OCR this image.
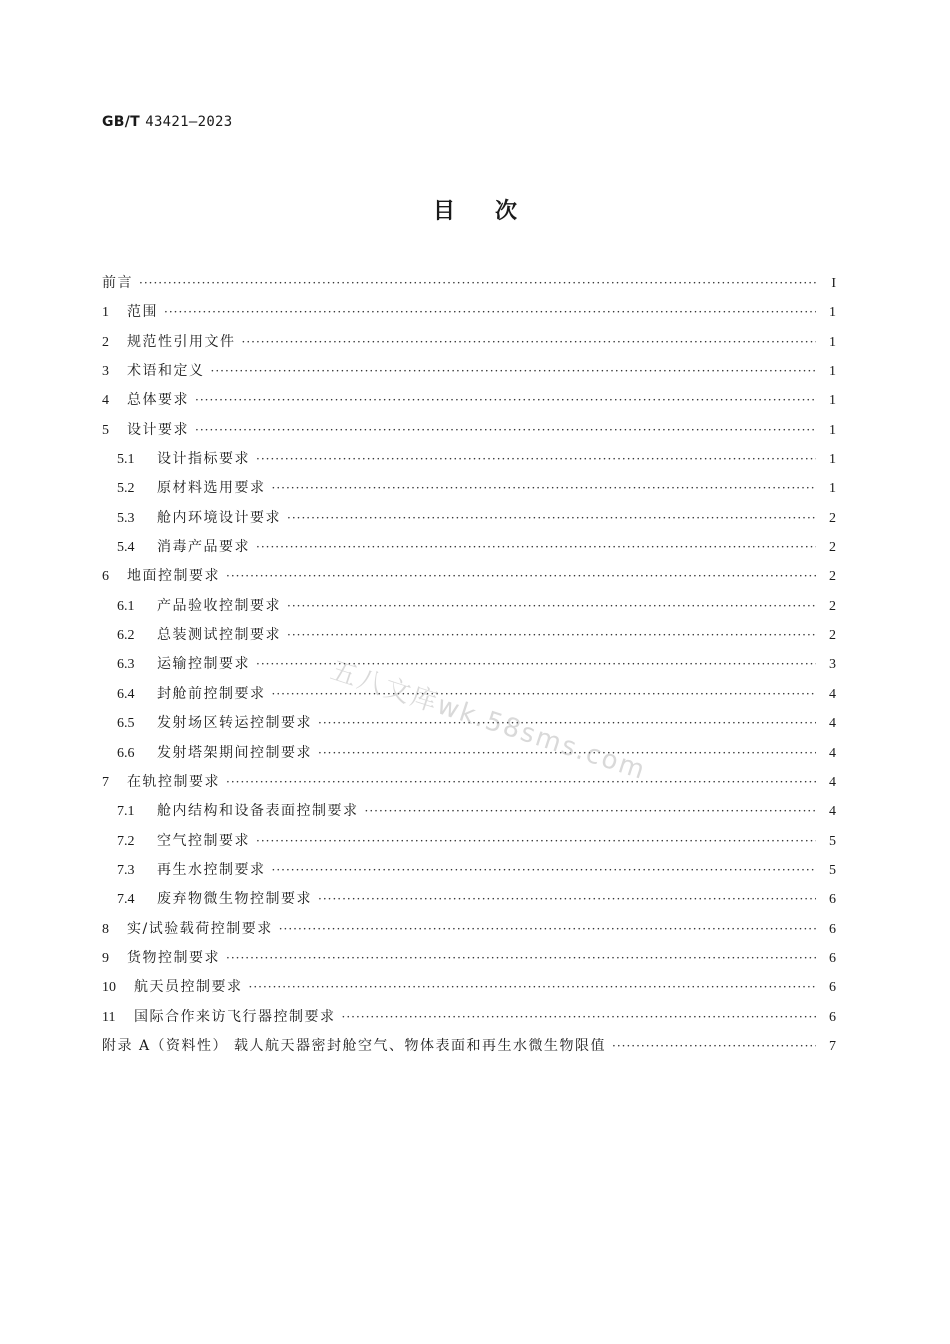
GB/T 43421—2023
目次
前言 ·····	I
1	范围 ·····	1
2	规范性引用文件 ·····	1
3	术语和定义 ·····	1
4	总体要求 ·····	1
5	设计要求 ·····	1
5.1	设计指标要求 ·····	1
5.2	原材料选用要求 ·····	1
5.3	舱内环境设计要求 ·····	2
5.4	消毒产品要求 ·····	2
6	地面控制要求 ·····	2
6.1	产品验收控制要求 ·····	2
6.2	总装测试控制要求 ·····	2
6.3	运输控制要求 ·····	3
6.4	封舱前控制要求 ·····	4
6.5	发射场区转运控制要求 ·····	4
6.6	发射塔架期间控制要求 ·····	4
7	在轨控制要求 ·····	4
7.1	舱内结构和设备表面控制要求 ·····	4
7.2	空气控制要求 ·····	5
7.3	再生水控制要求 ·····	5
7.4	废弃物微生物控制要求 ·····	6
8	实/试验载荷控制要求 ·····	6
9	货物控制要求 ·····	6
10	航天员控制要求 ·····	6
11	国际合作来访飞行器控制要求 ·····	6
附录 A（资料性） 载人航天器密封舱空气、物体表面和再生水微生物限值 ·····	7
五八文库wk.58sms.com
